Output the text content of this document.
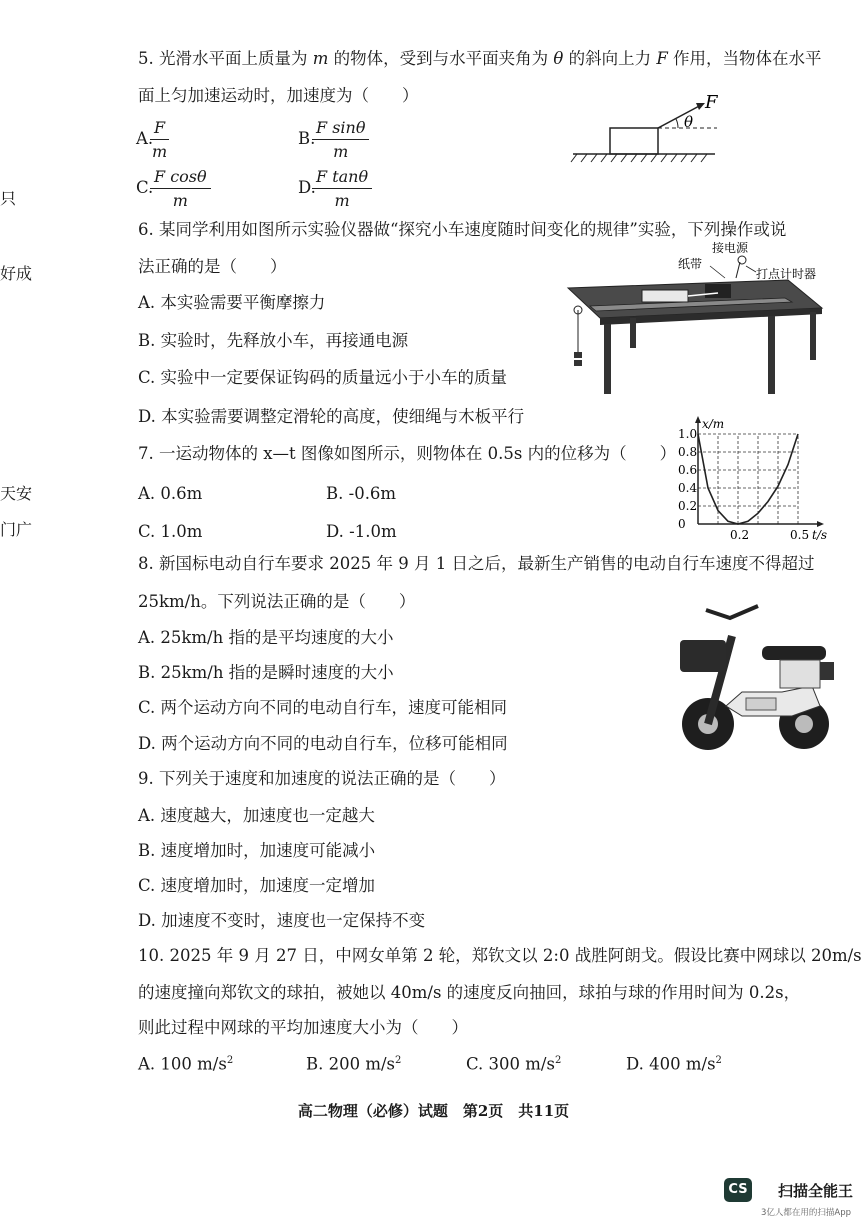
只
好成
天安
门广
5. 光滑水平面上质量为 m 的物体，受到与水平面夹角为 θ 的斜向上力 F 作用，当物体在水平
面上匀加速运动时，加速度为（　　）
A.
$\frac{F}{m}$	B.
$\frac{\text{F sinθ}}{m}$
C.
$\frac{\text{F cosθ}}{m}$	D.
$\frac{\text{F tanθ}}{m}$
F
θ
6. 某同学利用如图所示实验仪器做“探究小车速度随时间变化的规律”实验，下列操作或说
法正确的是（　　）
A. 本实验需要平衡摩擦力
B. 实验时，先释放小车，再接通电源
C. 实验中一定要保证钩码的质量远小于小车的质量
D. 本实验需要调整定滑轮的高度，使细绳与木板平行
接电源
纸带
打点计时器
7. 一运动物体的 x—t 图像如图所示，则物体在 0.5s 内的位移为（　　）
A. 0.6m	B. -0.6m
C. 1.0m	D. -1.0m	0
0.2
0.4
0.6
0.8
1.0
0.2	0.5 t/s
x/m
8. 新国标电动自行车要求 2025 年 9 月 1 日之后，最新生产销售的电动自行车速度不得超过
25km/h。下列说法正确的是（　　）
A. 25km/h 指的是平均速度的大小
B. 25km/h 指的是瞬时速度的大小
C. 两个运动方向不同的电动自行车，速度可能相同
D. 两个运动方向不同的电动自行车，位移可能相同
9. 下列关于速度和加速度的说法正确的是（　　）
A. 速度越大，加速度也一定越大
B. 速度增加时，加速度可能减小
C. 速度增加时，加速度一定增加
D. 加速度不变时，速度也一定保持不变
10. 2025 年 9 月 27 日，中网女单第 2 轮，郑钦文以 2:0 战胜阿朗戈。假设比赛中网球以 20m/s
的速度撞向郑钦文的球拍，被她以 40m/s 的速度反向抽回，球拍与球的作用时间为 0.2s，
则此过程中网球的平均加速度大小为（　　）
A. 100 $m/s^2$	B. 200 $m/s^2$	C. 300 $m/s^2$	D. 400 $m/s^2$
高二物理（必修）试题　第2页　共11页
CS 扫描全能王
3亿人都在用的扫描App
